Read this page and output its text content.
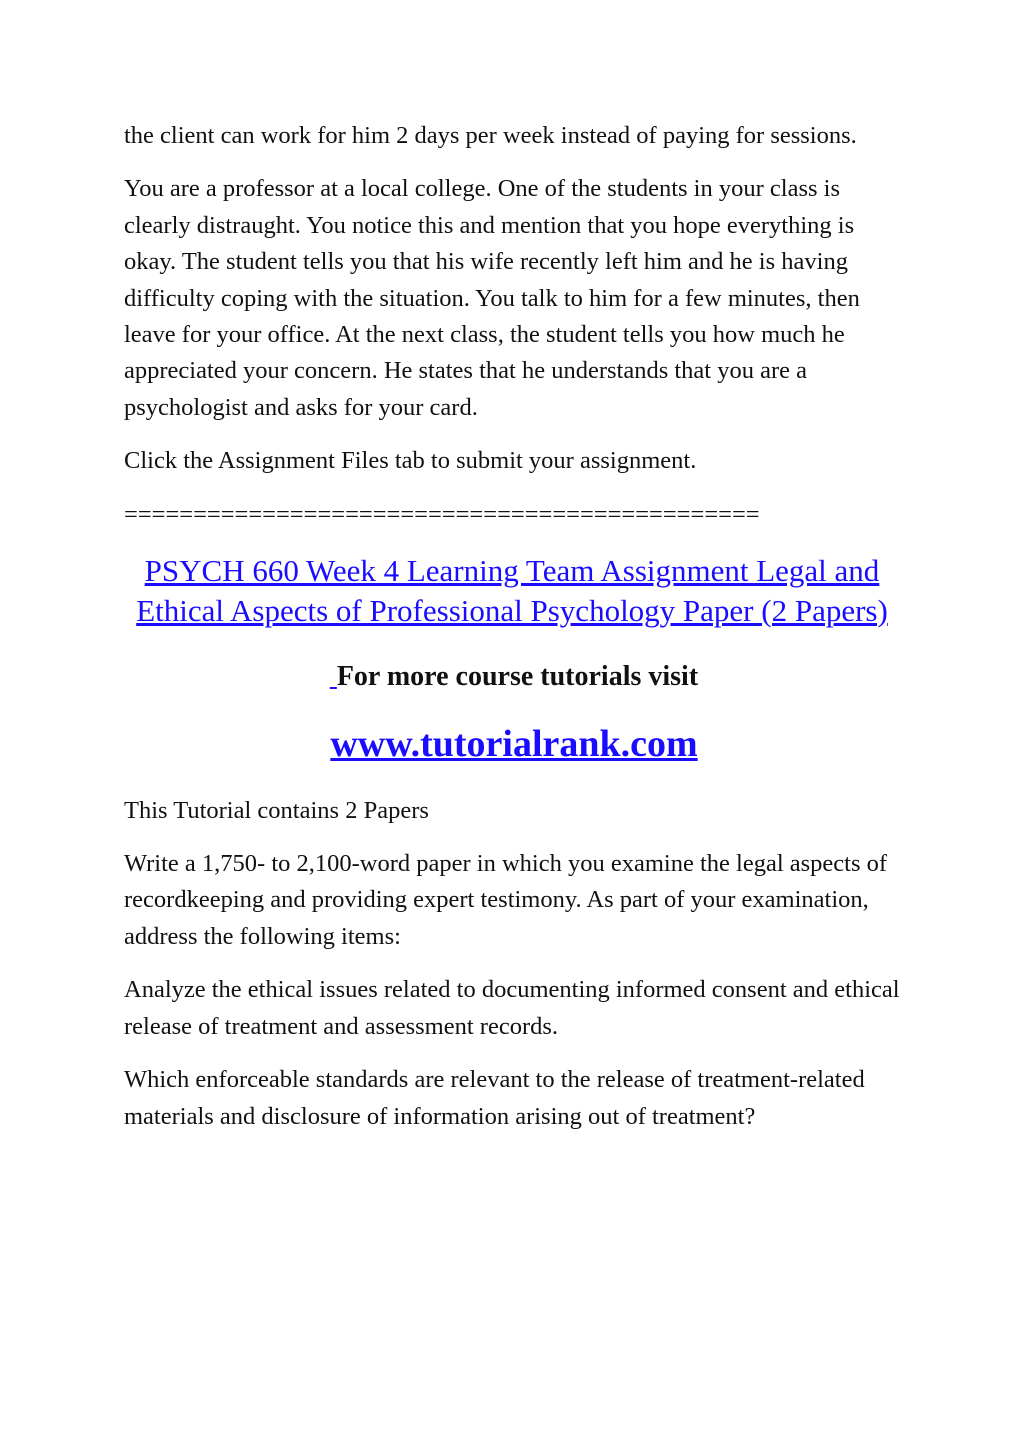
the client can work for him 2 days per week instead of paying for sessions.

You are a professor at a local college. One of the students in your class is clearly distraught. You notice this and mention that you hope everything is okay. The student tells you that his wife recently left him and he is having difficulty coping with the situation. You talk to him for a few minutes, then leave for your office. At the next class, the student tells you how much he appreciated your concern. He states that he understands that you are a psychologist and asks for your card.

Click the Assignment Files tab to submit your assignment.

==============================================
PSYCH 660 Week 4 Learning Team Assignment Legal and Ethical Aspects of Professional Psychology Paper (2 Papers)
For more course tutorials visit
www.tutorialrank.com

This Tutorial contains 2 Papers

Write a 1,750- to 2,100-word paper in which you examine the legal aspects of recordkeeping and providing expert testimony. As part of your examination, address the following items:

Analyze the ethical issues related to documenting informed consent and ethical release of treatment and assessment records.

Which enforceable standards are relevant to the release of treatment-related materials and disclosure of information arising out of treatment?
